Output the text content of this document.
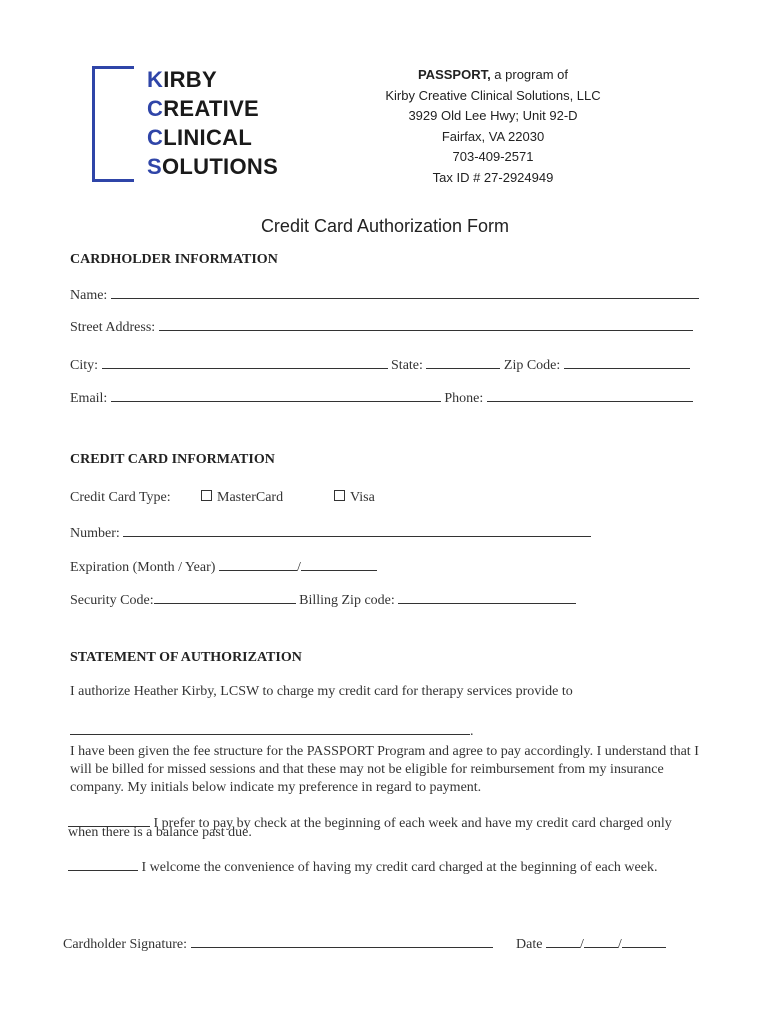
KIRBY
CREATIVE
CLINICAL
SOLUTIONS
PASSPORT, a program of
Kirby Creative Clinical Solutions, LLC
3929 Old Lee Hwy; Unit 92-D
Fairfax, VA 22030
703-409-2571
Tax ID # 27-2924949
Credit Card Authorization Form
CARDHOLDER INFORMATION
Name:
Street Address:
City:	State:	Zip Code:
Email:	Phone:
CREDIT CARD INFORMATION
Credit Card Type:	MasterCard	Visa
Number:
Expiration (Month / Year)	/
Security Code:	Billing Zip code:
STATEMENT OF AUTHORIZATION
I authorize Heather Kirby, LCSW to charge my credit card for therapy services provide to
.
I have been given the fee structure for the PASSPORT Program and agree to pay accordingly. I understand that I will be billed for missed sessions and that these may not be eligible for reimbursement from my insurance company. My initials below indicate my preference in regard to payment.
I prefer to pay by check at the beginning of each week and have my credit card charged only
when there is a balance past due.
I welcome the convenience of having my credit card charged at the beginning of each week.
Cardholder Signature:	Date	/ /
